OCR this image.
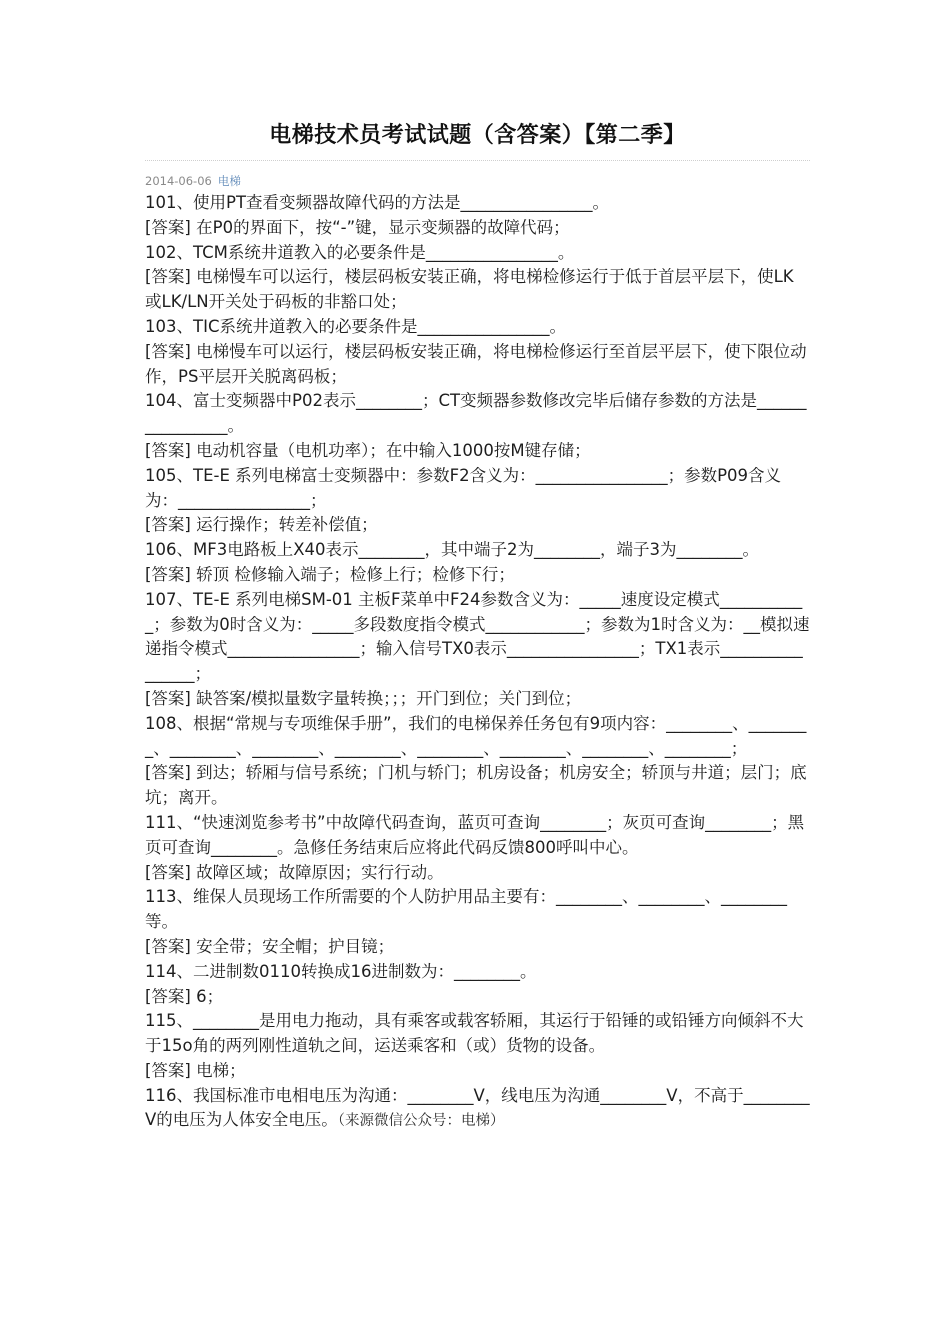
电梯技术员考试试题（含答案）【第二季】
2014-06-06 电梯

101、使用PT查看变频器故障代码的方法是________________。

[答案] 在P0的界面下，按“-”键，显示变频器的故障代码；

102、TCM系统井道教入的必要条件是________________。

[答案] 电梯慢车可以运行，楼层码板安装正确，将电梯检修运行于低于首层平层下，使LK或LK/LN开关处于码板的非豁口处；

103、TIC系统井道教入的必要条件是________________。

[答案] 电梯慢车可以运行，楼层码板安装正确，将电梯检修运行至首层平层下，使下限位动作，PS平层开关脱离码板；

104、富士变频器中P02表示________；CT变频器参数修改完毕后储存参数的方法是________________。

[答案] 电动机容量（电机功率）；在中输入1000按M键存储；

105、TE-E 系列电梯富士变频器中：参数F2含义为：________________；参数P09含义为：________________；

[答案] 运行操作；转差补偿值；

106、MF3电路板上X40表示________，其中端子2为________，端子3为________。

[答案] 轿顶 检修输入端子；检修上行；检修下行；

107、TE-E 系列电梯SM-01 主板F菜单中F24参数含义为：_____速度设定模式___________；参数为0时含义为：_____多段数度指令模式____________；参数为1时含义为：__模拟速递指令模式________________；输入信号TX0表示________________；TX1表示________________；

[答案] 缺答案/模拟量数字量转换；；；开门到位；关门到位；

108、根据“常规与专项维保手册”，我们的电梯保养任务包有9项内容：________、________、________、________、________、________、________、________、________；

[答案] 到达；轿厢与信号系统；门机与轿门；机房设备；机房安全；轿顶与井道；层门；底坑；离开。

111、“快速浏览参考书”中故障代码查询，蓝页可查询________；灰页可查询________；黑页可查询________。急修任务结束后应将此代码反馈800呼叫中心。

[答案] 故障区域；故障原因；实行行动。

113、维保人员现场工作所需要的个人防护用品主要有：________、________、________等。

[答案] 安全带；安全帽；护目镜；

114、二进制数0110转换成16进制数为：________。

[答案] 6；

115、________是用电力拖动，具有乘客或载客轿厢，其运行于铅锤的或铅锤方向倾斜不大于15o角的两列刚性道轨之间，运送乘客和（或）货物的设备。

[答案] 电梯；

116、我国标准市电相电压为沟通：________V，线电压为沟通________V，不高于________V的电压为人体安全电压。（来源微信公众号：电梯）
